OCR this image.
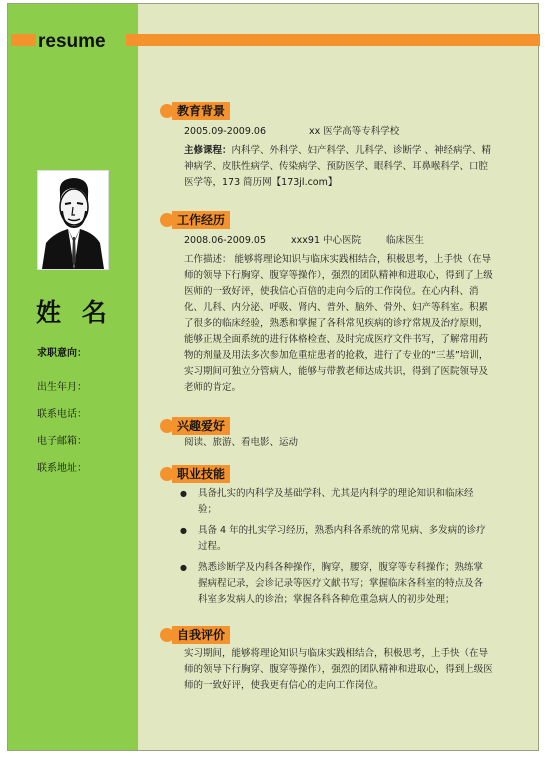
resume
姓 名
求职意向：
出生年月：
联系电话：
电子邮箱：
联系地址：
教育背景
2005.09-2009.06	xx 医学高等专科学校
主修课程：内科学、外科学、妇产科学、儿科学、诊断学 、神经病学、精神病学、皮肤性病学、传染病学、预防医学、眼科学、耳鼻喉科学、口腔医学等，173 简历网【173jl.com】
工作经历
2008.06-2009.05	xxx91 中心医院	临床医生
工作描述： 能够将理论知识与临床实践相结合，积极思考，上手快（在导师的领导下行胸穿、腹穿等操作），强烈的团队精神和进取心，得到了上级医师的一致好评，使我信心百倍的走向今后的工作岗位。在心内科、消化、儿科、内分泌、呼吸、肾内、普外、脑外、骨外、妇产等科室。积累了很多的临床经验，熟悉和掌握了各科常见疾病的诊疗常规及治疗原则，能够正规全面系统的进行体格检查、及时完成医疗文件书写，了解常用药物的剂量及用法多次参加危重症患者的抢救，进行了专业的“三基”培训，实习期间可独立分管病人，能够与带教老师达成共识，得到了医院领导及老师的肯定。
兴趣爱好
阅读、旅游、看电影、运动
职业技能
● 具备扎实的内科学及基础学科、尤其是内科学的理论知识和临床经验；
● 具备 4 年的扎实学习经历，熟悉内科各系统的常见病、多发病的诊疗过程。
● 熟悉诊断学及内科各种操作，胸穿，腰穿，腹穿等专科操作；熟练掌握病程记录，会诊记录等医疗文献书写；掌握临床各科室的特点及各科室多发病人的诊治；掌握各科各种危重急病人的初步处理；
自我评价
实习期间，能够将理论知识与临床实践相结合，积极思考，上手快（在导师的领导下行胸穿、腹穿等操作），强烈的团队精神和进取心，得到上级医师的一致好评，使我更有信心的走向工作岗位。
